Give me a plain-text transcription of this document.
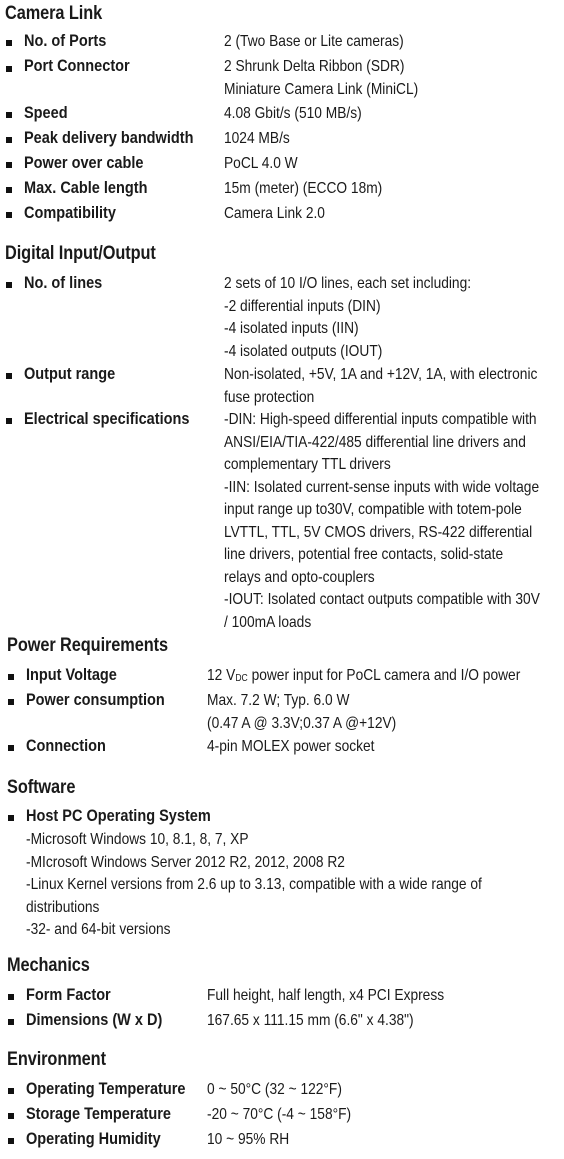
Camera Link
No. of Ports	2 (Two Base or Lite cameras)
Port Connector	2 Shrunk Delta Ribbon (SDR)
Miniature Camera Link (MiniCL)
Speed	4.08 Gbit/s (510 MB/s)
Peak delivery bandwidth 1024 MB/s
Power over cable	PoCL 4.0 W
Max. Cable length	15m (meter) (ECCO 18m)
Compatibility	Camera Link 2.0
Digital Input/Output
No. of lines	2 sets of 10 I/O lines, each set including:
-2 differential inputs (DIN)
-4 isolated inputs (IIN)
-4 isolated outputs (IOUT)
Output range	Non-isolated, +5V, 1A and +12V, 1A, with electronic
fuse protection
Electrical specifications -DIN: High-speed differential inputs compatible with
ANSI/EIA/TIA-422/485 differential line drivers and
complementary TTL drivers
-IIN: Isolated current-sense inputs with wide voltage
input range up to30V, compatible with totem-pole
LVTTL, TTL, 5V CMOS drivers, RS-422 differential
line drivers, potential free contacts, solid-state
relays and opto-couplers
-IOUT: Isolated contact outputs compatible with 30V
/ 100mA loads
Power Requirements
Input Voltage	12 VDC power input for PoCL camera and I/O power
Power consumption	Max. 7.2 W; Typ. 6.0 W
(0.47 A @ 3.3V;0.37 A @+12V)
Connection	4-pin MOLEX power socket
Software
Host PC Operating System
-Microsoft Windows 10, 8.1, 8, 7, XP
-MIcrosoft Windows Server 2012 R2, 2012, 2008 R2
-Linux Kernel versions from 2.6 up to 3.13, compatible with a wide range of
distributions
-32- and 64-bit versions
Mechanics
Form Factor	Full height, half length, x4 PCI Express
Dimensions (W x D)	167.65 x 111.15 mm (6.6" x 4.38")
Environment
Operating Temperature 0 ~ 50°C (32 ~ 122°F)
Storage Temperature -20 ~ 70°C (-4 ~ 158°F)
Operating Humidity	10 ~ 95% RH
